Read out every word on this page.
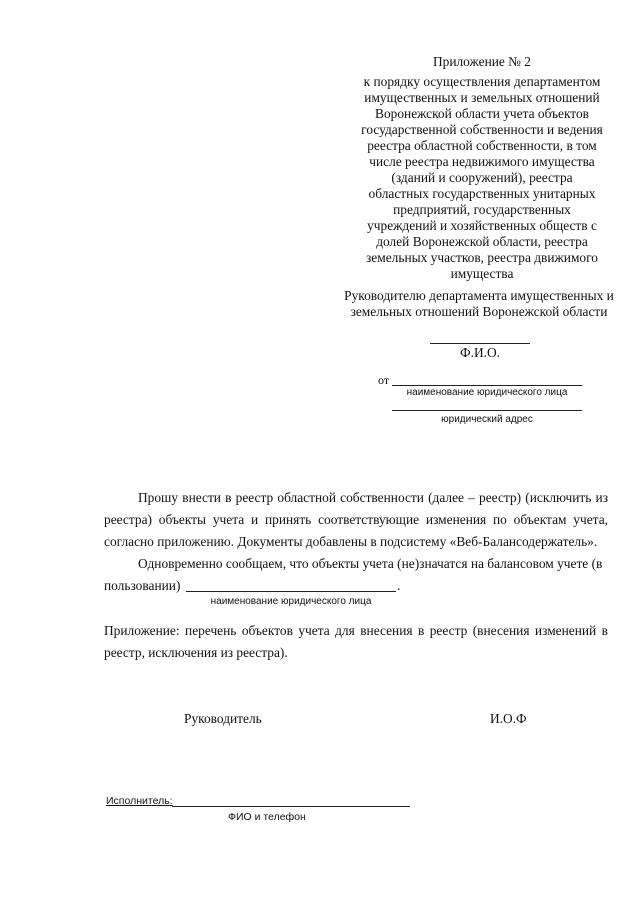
Приложение № 2
к порядку осуществления департаментом имущественных и земельных отношений Воронежской области учета объектов государственной собственности и ведения реестра областной собственности, в том числе реестра недвижимого имущества (зданий и сооружений), реестра областных государственных унитарных предприятий, государственных учреждений и хозяйственных обществ с долей Воронежской области, реестра земельных участков, реестра движимого имущества
Руководителю департамента имущественных и земельных отношений Воронежской области
Ф.И.О.
от
наименование юридического лица
юридический адрес
Прошу внести в реестр областной собственности (далее – реестр) (исключить из реестра) объекты учета и принять соответствующие изменения по объектам учета, согласно приложению. Документы добавлены в подсистему «Веб-Балансодержатель».
Одновременно сообщаем, что объекты учета (не)значатся на балансовом учете (в
пользовании)	.
наименование юридического лица
Приложение: перечень объектов учета для внесения в реестр (внесения изменений в реестр, исключения из реестра).
Руководитель	И.О.Ф
Исполнитель:
ФИО и телефон
